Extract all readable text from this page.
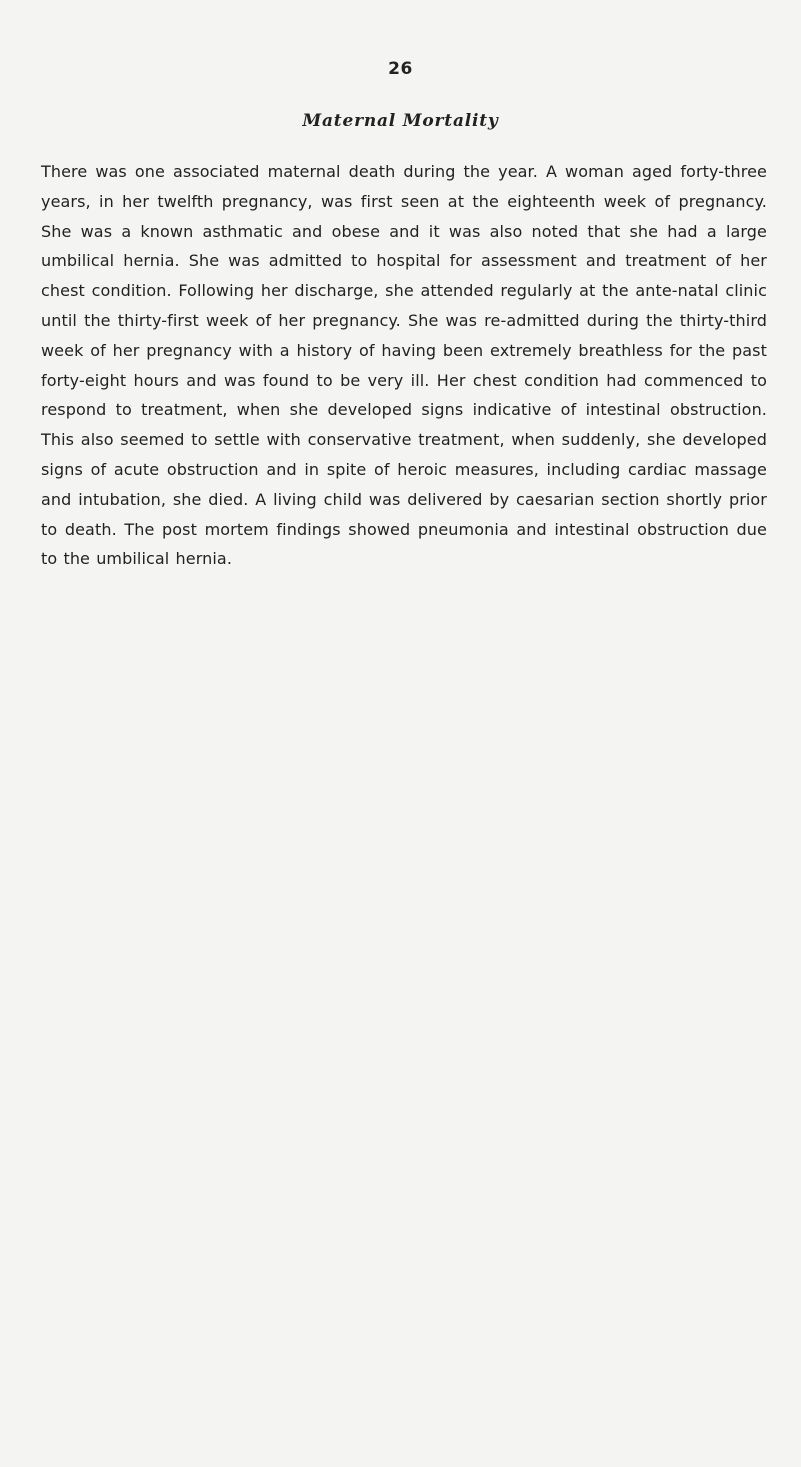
26
Maternal Mortality

There was one associated maternal death during the year. A woman aged forty-three years, in her twelfth pregnancy, was first seen at the eighteenth week of pregnancy. She was a known asthmatic and obese and it was also noted that she had a large umbilical hernia. She was admitted to hospital for assessment and treatment of her chest condition. Following her discharge, she attended regularly at the ante-natal clinic until the thirty-first week of her pregnancy. She was re-admitted during the thirty-third week of her pregnancy with a history of having been extremely breathless for the past forty-eight hours and was found to be very ill. Her chest condition had commenced to respond to treatment, when she developed signs indicative of intestinal obstruction. This also seemed to settle with conservative treatment, when suddenly, she developed signs of acute obstruction and in spite of heroic measures, including cardiac massage and intubation, she died. A living child was delivered by caesarian section shortly prior to death. The post mortem findings showed pneumonia and intestinal obstruction due to the umbilical hernia.
